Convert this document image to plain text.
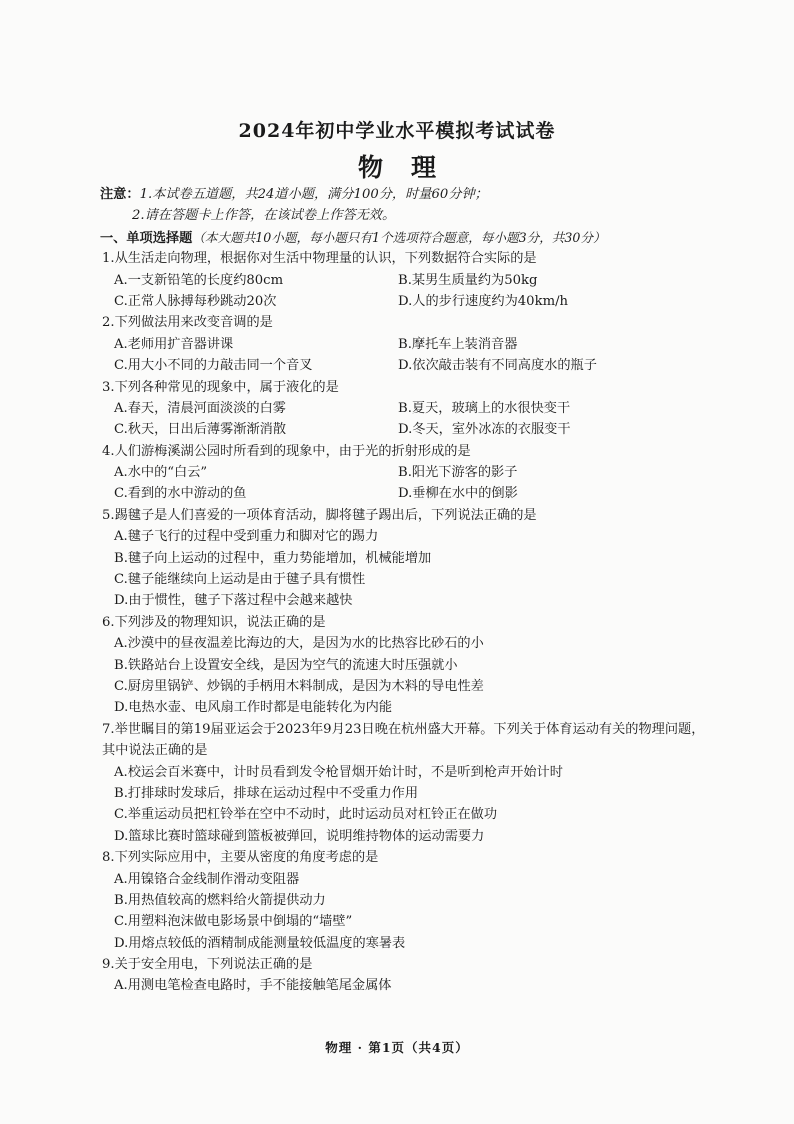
2024年初中学业水平模拟考试试卷
物理
注意：1.本试卷五道题，共24道小题，满分100分，时量60分钟；
2.请在答题卡上作答，在该试卷上作答无效。
一、单项选择题（本大题共10小题，每小题只有1个选项符合题意，每小题3分，共30分）
1.从生活走向物理，根据你对生活中物理量的认识，下列数据符合实际的是
A.一支新铅笔的长度约80cm	B.某男生质量约为50kg
C.正常人脉搏每秒跳动20次	D.人的步行速度约为40km/h
2.下列做法用来改变音调的是
A.老师用扩音器讲课	B.摩托车上装消音器
C.用大小不同的力敲击同一个音叉	D.依次敲击装有不同高度水的瓶子
3.下列各种常见的现象中，属于液化的是
A.春天，清晨河面淡淡的白雾	B.夏天，玻璃上的水很快变干
C.秋天，日出后薄雾渐渐消散	D.冬天，室外冰冻的衣服变干
4.人们游梅溪湖公园时所看到的现象中，由于光的折射形成的是
A.水中的“白云”	B.阳光下游客的影子
C.看到的水中游动的鱼	D.垂柳在水中的倒影
5.踢毽子是人们喜爱的一项体育活动，脚将毽子踢出后，下列说法正确的是
A.毽子飞行的过程中受到重力和脚对它的踢力
B.毽子向上运动的过程中，重力势能增加，机械能增加
C.毽子能继续向上运动是由于毽子具有惯性
D.由于惯性，毽子下落过程中会越来越快
6.下列涉及的物理知识，说法正确的是
A.沙漠中的昼夜温差比海边的大，是因为水的比热容比砂石的小
B.铁路站台上设置安全线，是因为空气的流速大时压强就小
C.厨房里锅铲、炒锅的手柄用木料制成，是因为木料的导电性差
D.电热水壶、电风扇工作时都是电能转化为内能
7.举世瞩目的第19届亚运会于2023年9月23日晚在杭州盛大开幕。下列关于体育运动有关的物理问题，
其中说法正确的是
A.校运会百米赛中，计时员看到发令枪冒烟开始计时，不是听到枪声开始计时
B.打排球时发球后，排球在运动过程中不受重力作用
C.举重运动员把杠铃举在空中不动时，此时运动员对杠铃正在做功
D.篮球比赛时篮球碰到篮板被弹回，说明维持物体的运动需要力
8.下列实际应用中，主要从密度的角度考虑的是
A.用镍铬合金线制作滑动变阻器
B.用热值较高的燃料给火箭提供动力
C.用塑料泡沫做电影场景中倒塌的“墙壁”
D.用熔点较低的酒精制成能测量较低温度的寒暑表
9.关于安全用电，下列说法正确的是
A.用测电笔检查电路时，手不能接触笔尾金属体
物理 · 第1页（共4页）
